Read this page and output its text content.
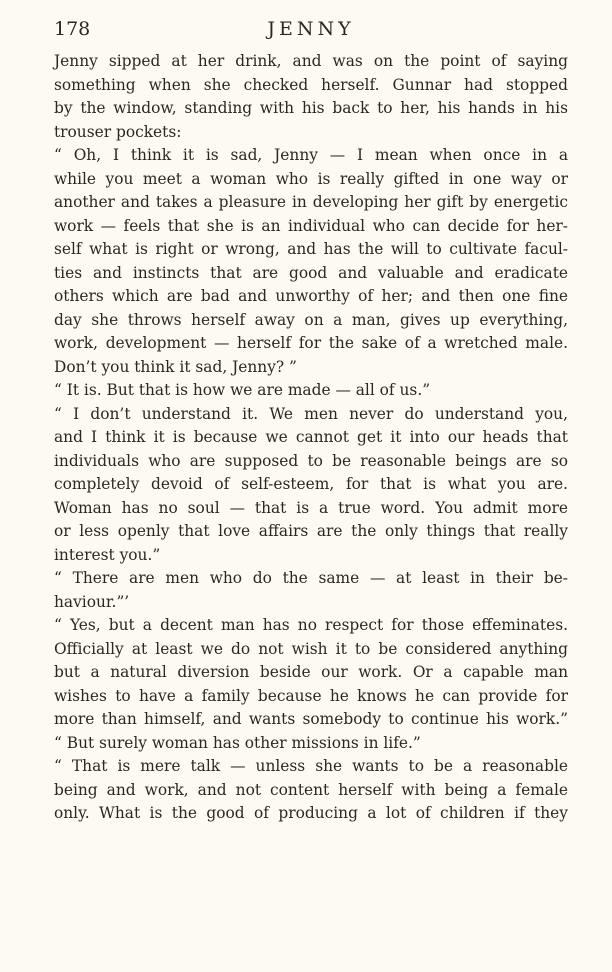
178	JENNY
Jenny sipped at her drink, and was on the point of saying
something when she checked herself. Gunnar had stopped
by the window, standing with his back to her, his hands in his
trouser pockets:
“ Oh, I think it is sad, Jenny — I mean when once in a
while you meet a woman who is really gifted in one way or
another and takes a pleasure in developing her gift by energetic
work — feels that she is an individual who can decide for her-
self what is right or wrong, and has the will to cultivate facul-
ties and instincts that are good and valuable and eradicate
others which are bad and unworthy of her; and then one fine
day she throws herself away on a man, gives up everything,
work, development — herself for the sake of a wretched male.
Don’t you think it sad, Jenny? ”
“ It is. But that is how we are made — all of us.”
“ I don’t understand it. We men never do understand you,
and I think it is because we cannot get it into our heads that
individuals who are supposed to be reasonable beings are so
completely devoid of self-esteem, for that is what you are.
Woman has no soul — that is a true word. You admit more
or less openly that love affairs are the only things that really
interest you.”
“ There are men who do the same — at least in their be-
haviour.”’
“ Yes, but a decent man has no respect for those effeminates.
Officially at least we do not wish it to be considered anything
but a natural diversion beside our work. Or a capable man
wishes to have a family because he knows he can provide for
more than himself, and wants somebody to continue his work.”
“ But surely woman has other missions in life.”
“ That is mere talk — unless she wants to be a reasonable
being and work, and not content herself with being a female
only. What is the good of producing a lot of children if they
